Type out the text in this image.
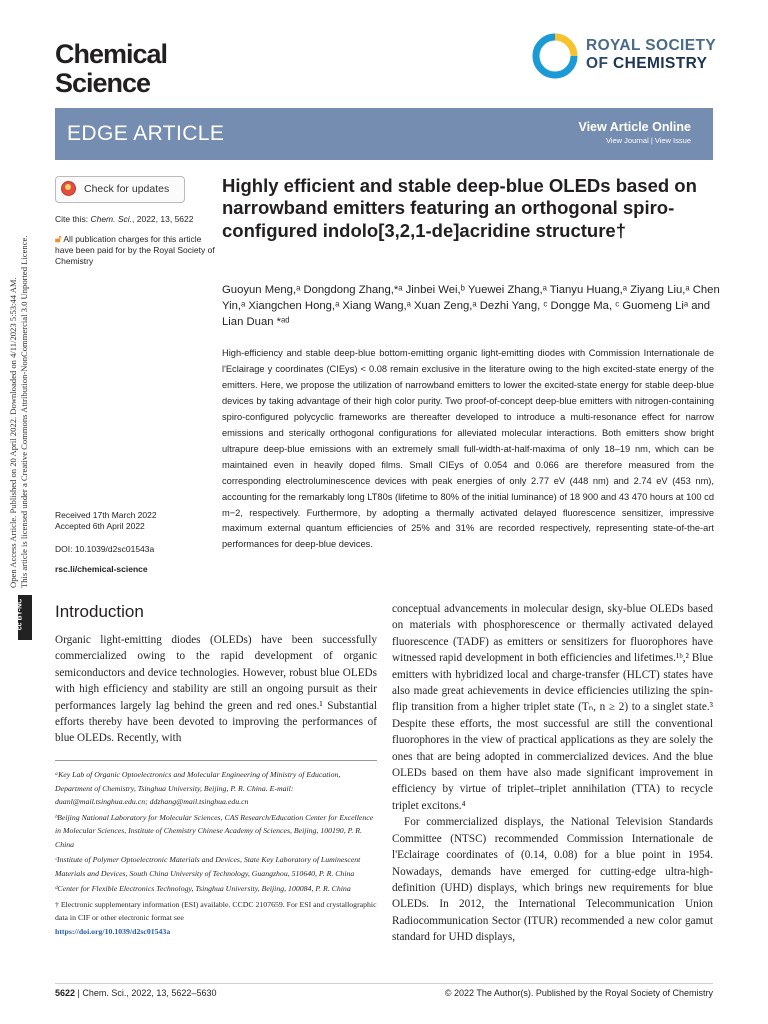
Chemical
Science
ROYAL SOCIETY
OF CHEMISTRY
EDGE ARTICLE	View Article Online
View Journal | View Issue
Open Access Article. Published on 20 April 2022. Downloaded on 4/11/2023 5:53:44 AM. This article is licensed under a Creative Commons Attribution-NonCommercial 3.0 Unported Licence.
cc BY-NC
Check for updates
Cite this: Chem. Sci., 2022, 13, 5622
🔓︎ All publication charges for this article have been paid for by the Royal Society of Chemistry
Highly efficient and stable deep-blue OLEDs based on narrowband emitters featuring an orthogonal spiro-configured indolo[3,2,1-de]acridine structure†
Guoyun Meng,ᵃ Dongdong Zhang,*ᵃ Jinbei Wei,ᵇ Yuewei Zhang,ᵃ Tianyu Huang,ᵃ Ziyang Liu,ᵃ Chen Yin,ᵃ Xiangchen Hong,ᵃ Xiang Wang,ᵃ Xuan Zeng,ᵃ Dezhi Yang, ᶜ Dongge Ma, ᶜ Guomeng Liᵃ and Lian Duan *ᵃᵈ
High-efficiency and stable deep-blue bottom-emitting organic light-emitting diodes with Commission Internationale de l'Eclairage y coordinates (CIEys) < 0.08 remain exclusive in the literature owing to the high excited-state energy of the emitters. Here, we propose the utilization of narrowband emitters to lower the excited-state energy for stable deep-blue devices by taking advantage of their high color purity. Two proof-of-concept deep-blue emitters with nitrogen-containing spiro-configured polycyclic frameworks are thereafter developed to introduce a multi-resonance effect for narrow emissions and sterically orthogonal configurations for alleviated molecular interactions. Both emitters show bright ultrapure deep-blue emissions with an extremely small full-width-at-half-maxima of only 18–19 nm, which can be maintained even in heavily doped films. Small CIEys of 0.054 and 0.066 are therefore measured from the corresponding electroluminescence devices with peak energies of only 2.77 eV (448 nm) and 2.74 eV (453 nm), accounting for the remarkably long LT80s (lifetime to 80% of the initial luminance) of 18 900 and 43 470 hours at 100 cd m−2, respectively. Furthermore, by adopting a thermally activated delayed fluorescence sensitizer, impressive maximum external quantum efficiencies of 25% and 31% are recorded respectively, representing state-of-the-art performances for deep-blue devices.
Received 17th March 2022
Accepted 6th April 2022
DOI: 10.1039/d2sc01543a
rsc.li/chemical-science
Introduction
Organic light-emitting diodes (OLEDs) have been successfully commercialized owing to the rapid development of organic semiconductors and device technologies. However, robust blue OLEDs with high efficiency and stability are still an ongoing pursuit as their performances largely lag behind the green and red ones.¹ Substantial efforts thereby have been devoted to improving the performances of blue OLEDs. Recently, with

conceptual advancements in molecular design, sky-blue OLEDs based on materials with phosphorescence or thermally activated delayed fluorescence (TADF) as emitters or sensitizers for fluorophores have witnessed rapid development in both efficiencies and lifetimes.¹ᵇ,² Blue emitters with hybridized local and charge-transfer (HLCT) states have also made great achievements in device efficiencies utilizing the spin-flip transition from a higher triplet state (Tₙ, n ≥ 2) to a singlet state.³ Despite these efforts, the most successful are still the conventional fluorophores in the view of practical applications as they are solely the ones that are being adopted in commercialized devices. And the blue OLEDs based on them have also made significant improvement in efficiency by virtue of triplet–triplet annihilation (TTA) to recycle triplet excitons.⁴

For commercialized displays, the National Television Standards Committee (NTSC) recommended Commission Internationale de l'Eclairage coordinates of (0.14, 0.08) for a blue point in 1954. Nowadays, demands have emerged for cutting-edge ultra-high-definition (UHD) displays, which brings new requirements for blue OLEDs. In 2012, the International Telecommunication Union Radiocommunication Sector (ITUR) recommended a new color gamut standard for UHD displays,

ᵃKey Lab of Organic Optoelectronics and Molecular Engineering of Ministry of Education, Department of Chemistry, Tsinghua University, Beijing, P. R. China. E-mail: duanl@mail.tsinghua.edu.cn; ddzhang@mail.tsinghua.edu.cn

ᵇBeijing National Laboratory for Molecular Sciences, CAS Research/Education Center for Excellence in Molecular Sciences, Institute of Chemistry Chinese Academy of Sciences, Beijing, 100190, P. R. China

ᶜInstitute of Polymer Optoelectronic Materials and Devices, State Key Laboratory of Luminescent Materials and Devices, South China University of Technology, Guangzhou, 510640, P. R. China

ᵈCenter for Flexible Electronics Technology, Tsinghua University, Beijing, 100084, P. R. China

† Electronic supplementary information (ESI) available. CCDC 2107659. For ESI and crystallographic data in CIF or other electronic format see
https://doi.org/10.1039/d2sc01543a

5622 | Chem. Sci., 2022, 13, 5622–5630	© 2022 The Author(s). Published by the Royal Society of Chemistry
